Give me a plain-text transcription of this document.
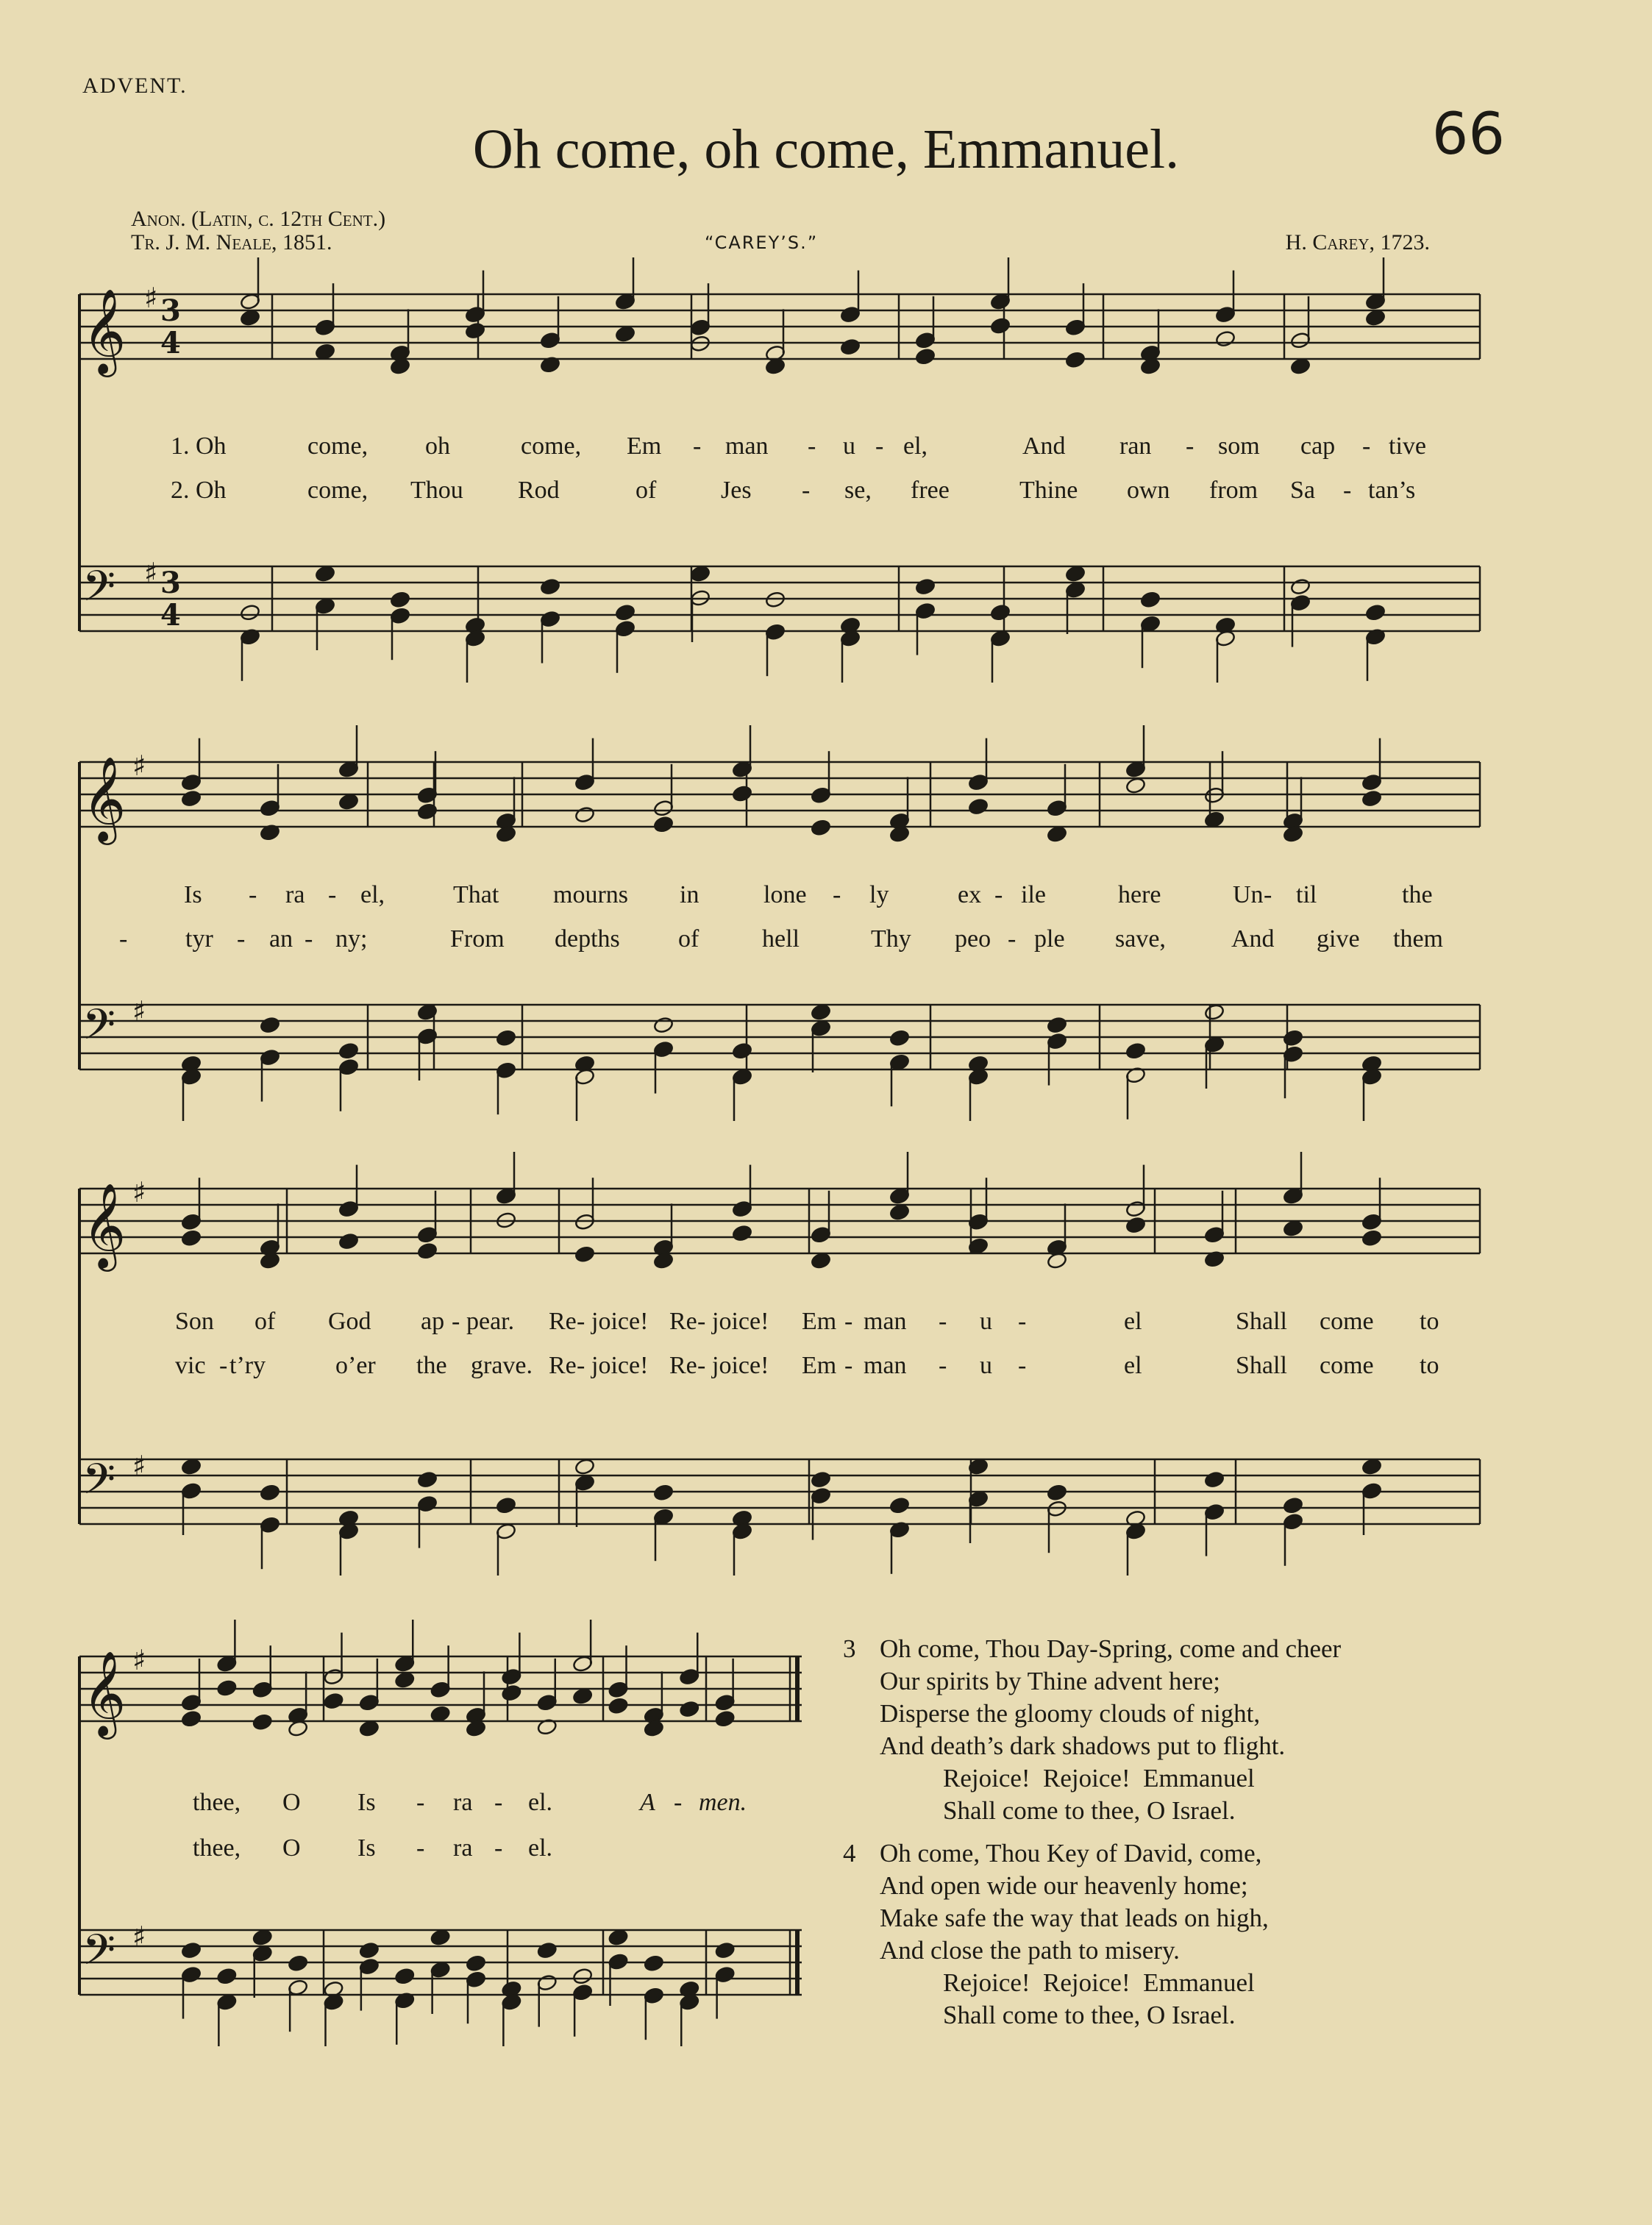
ADVENT.
Oh come, oh come, Emmanuel.	66
Anon. (Latin, c. 12th Cent.)
Tr. J. M. Neale, 1851.	“CAREY’S.”	H. Carey, 1723.
𝄞
𝄢
3
4
3
4
♯
♯
1. Oh	come, oh	come, Em - man - u - el,	And ran - som cap - tive
2. Oh	come, Thou Rod	of	Jes - se, free	Thine own from Sa - tan’s
𝄞
𝄢
♯
♯
Is - ra - el,	That mourns in	lone - ly	ex - ile	here	Un - til	the
- tyr - an - ny;	From depths of	hell	Thy peo - ple save,	And give them
𝄞
𝄢
♯
♯
Son of God ap - pear. Re - joice! Re - joice! Em - man - u -	el	Shall come to
vic - t’ry	o’er the grave. Re - joice! Re - joice! Em - man - u -	el	Shall come to
𝄞
𝄢
♯
♯
thee, O Is - ra - el.	A - men.
thee, O Is - ra - el.
3 Oh come, Thou Day-Spring, come and cheer
Our spirits by Thine advent here;
Disperse the gloomy clouds of night,
And death’s dark shadows put to flight.
Rejoice!  Rejoice!  Emmanuel
Shall come to thee, O Israel.
4 Oh come, Thou Key of David, come,
And open wide our heavenly home;
Make safe the way that leads on high,
And close the path to misery.
Rejoice!  Rejoice!  Emmanuel
Shall come to thee, O Israel.
